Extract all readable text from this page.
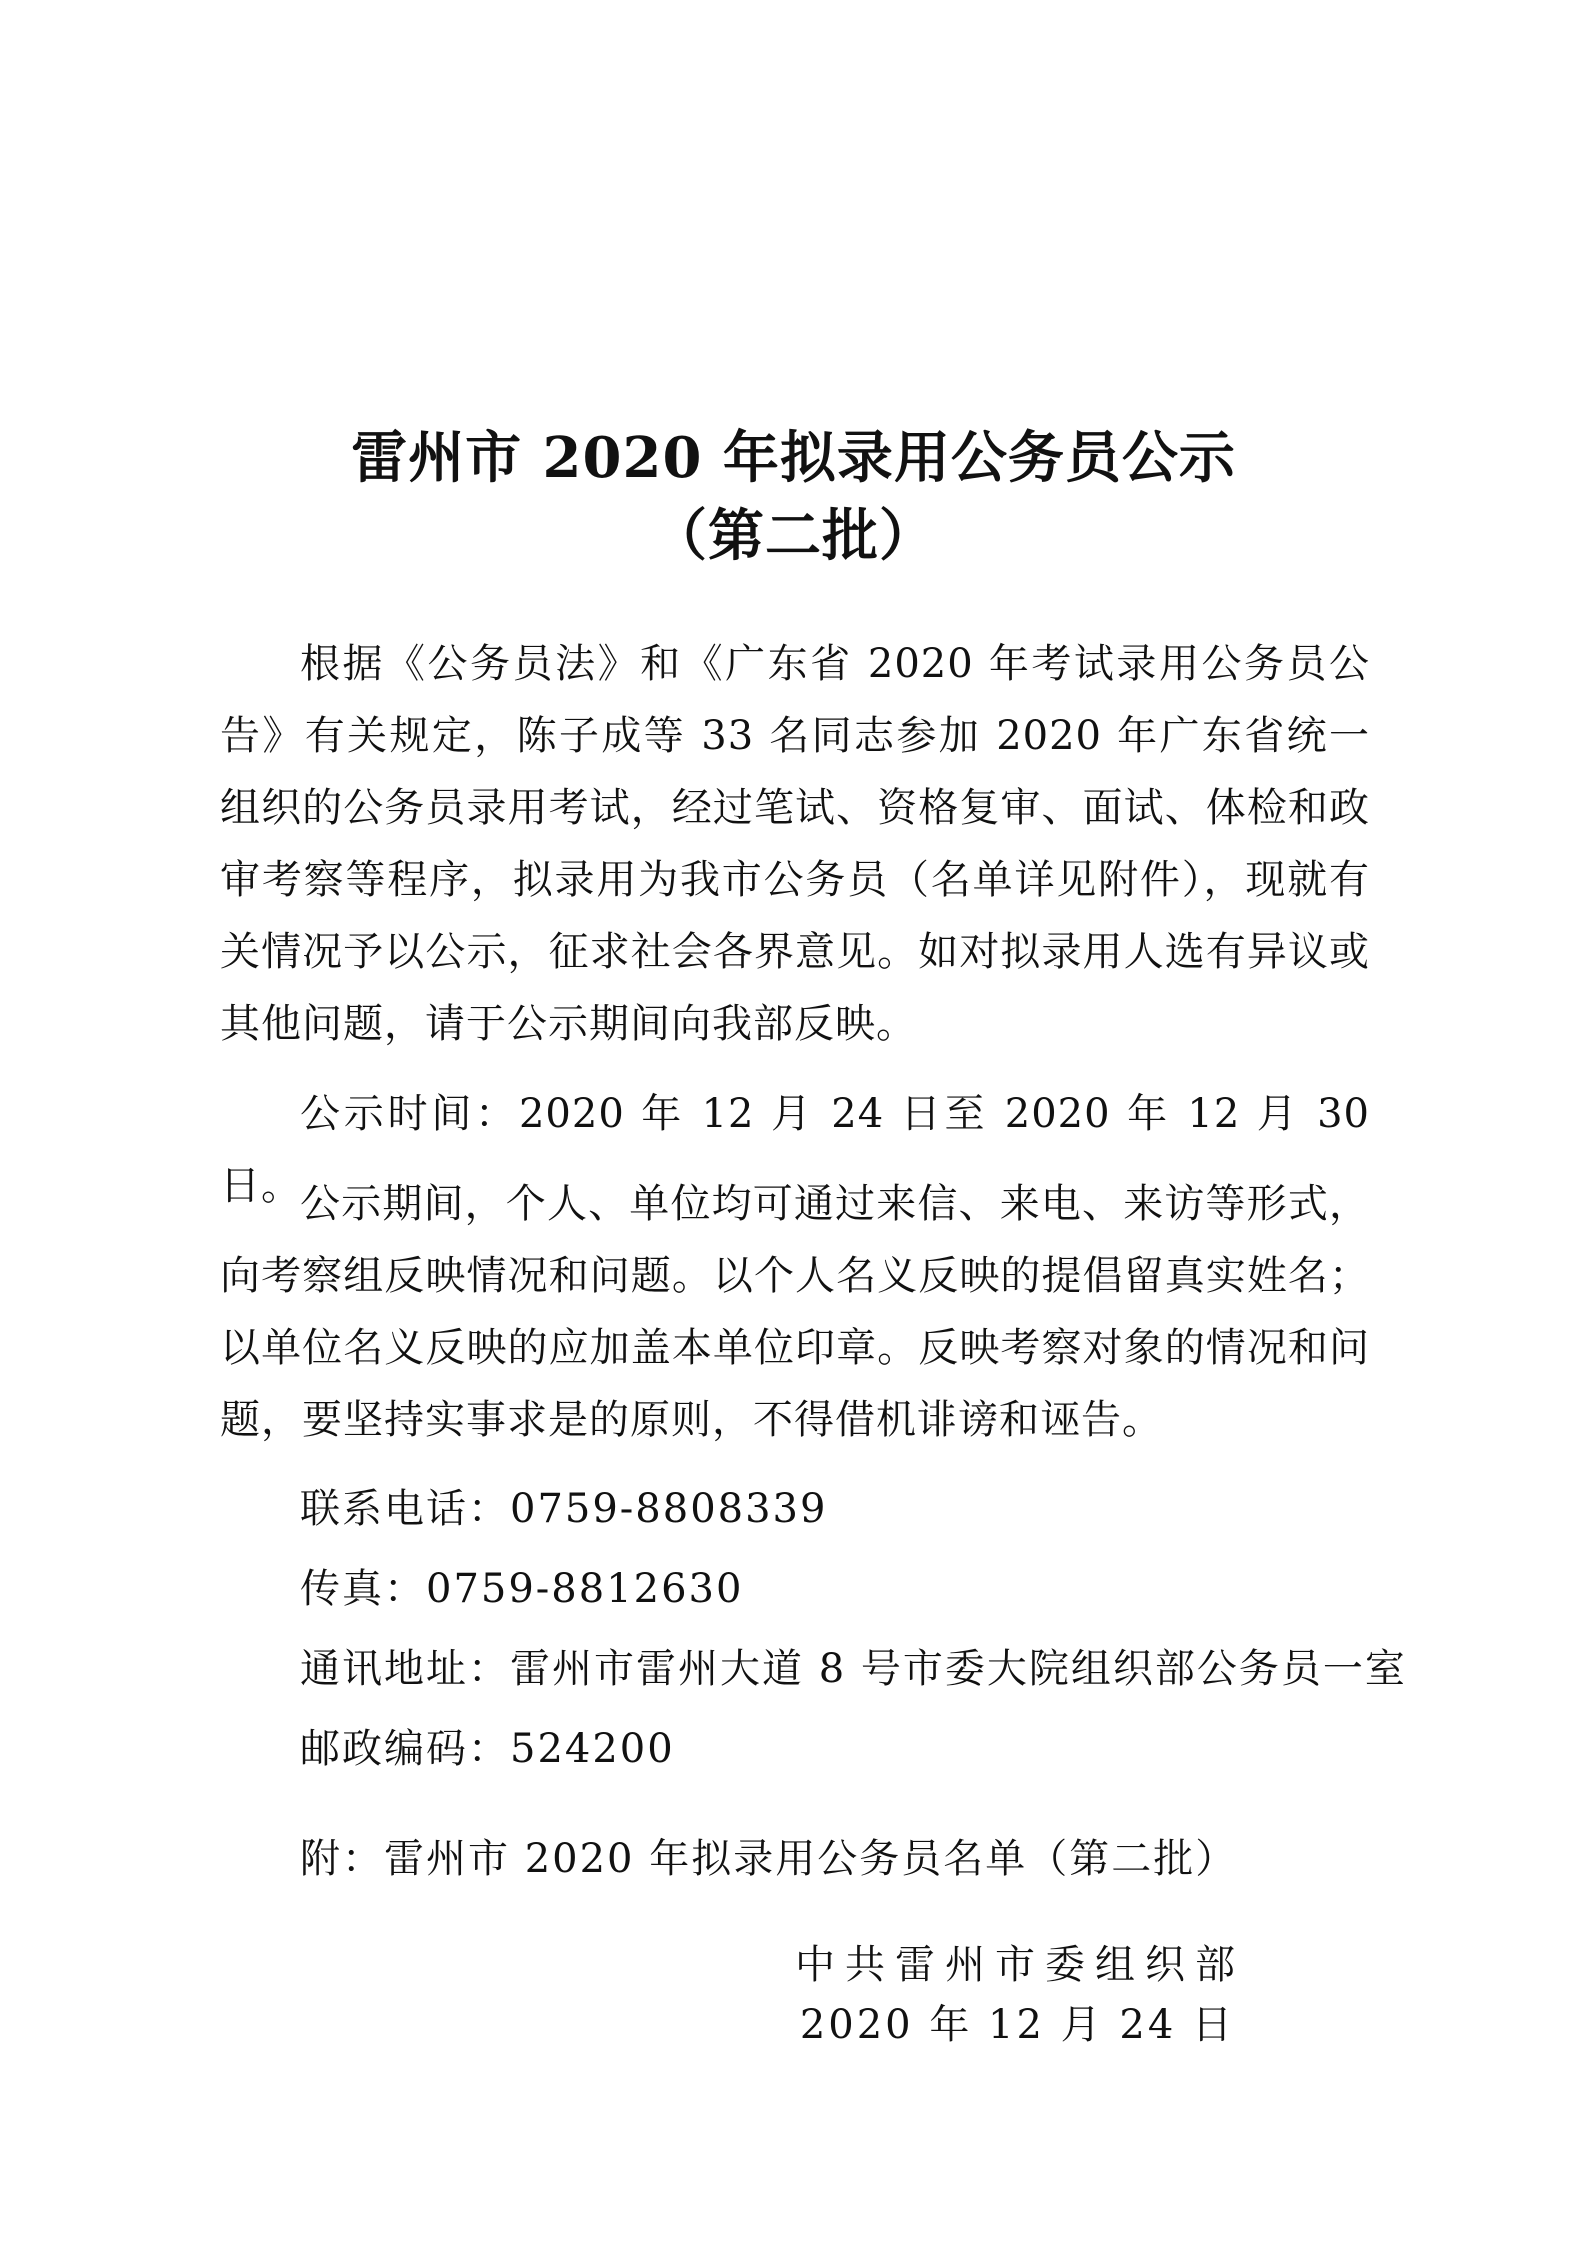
雷州市 2020 年拟录用公务员公示
（第二批）

根据《公务员法》和《广东省 2020 年考试录用公务员公告》有关规定，陈子成等 33 名同志参加 2020 年广东省统一组织的公务员录用考试，经过笔试、资格复审、面试、体检和政审考察等程序，拟录用为我市公务员（名单详见附件），现就有关情况予以公示，征求社会各界意见。如对拟录用人选有异议或其他问题，请于公示期间向我部反映。

公示时间：2020 年 12 月 24 日至 2020 年 12 月 30 日。

公示期间，个人、单位均可通过来信、来电、来访等形式，向考察组反映情况和问题。以个人名义反映的提倡留真实姓名；以单位名义反映的应加盖本单位印章。反映考察对象的情况和问题，要坚持实事求是的原则，不得借机诽谤和诬告。

联系电话：0759-8808339

传真：0759-8812630

通讯地址：雷州市雷州大道 8 号市委大院组织部公务员一室

邮政编码：524200

附：雷州市 2020 年拟录用公务员名单（第二批）

中共雷州市委组织部

2020 年 12 月 24 日
